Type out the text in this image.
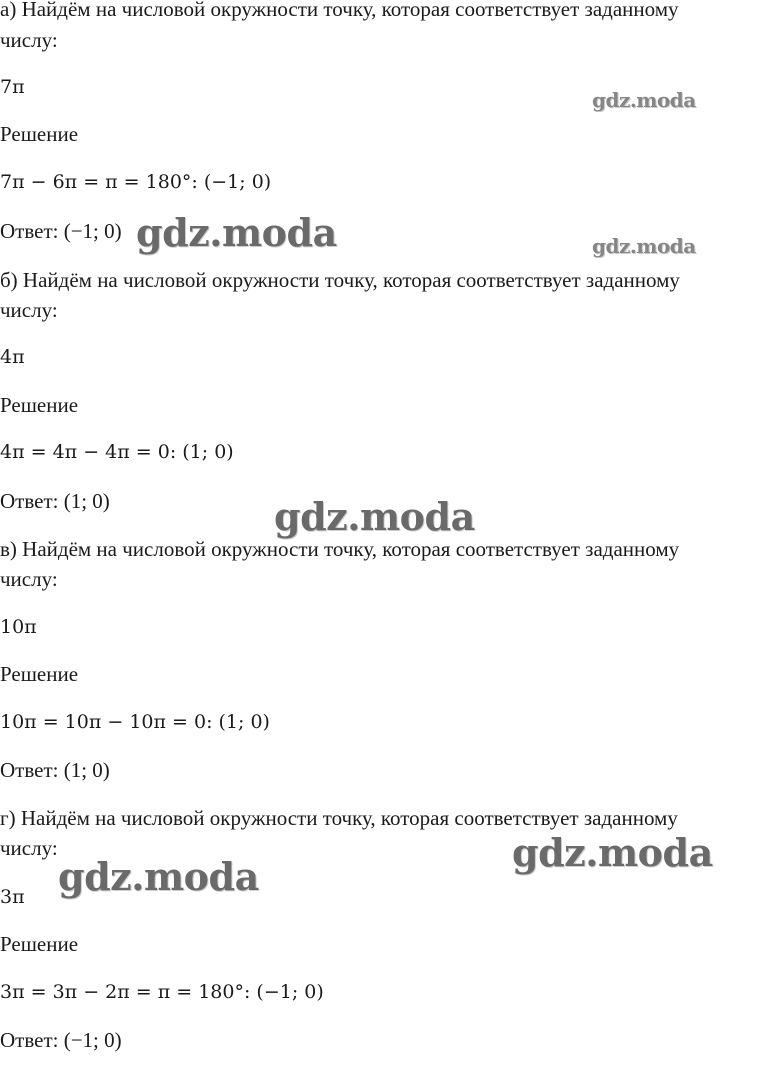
а) Найдём на числовой окружности точку, которая соответствует заданному
числу:
7π
Решение
7π − 6π = π = 180°: (−1; 0)
Ответ: (−1; 0)
б) Найдём на числовой окружности точку, которая соответствует заданному
числу:
4π
Решение
4π = 4π − 4π = 0: (1; 0)
Ответ: (1; 0)
в) Найдём на числовой окружности точку, которая соответствует заданному
числу:
10π
Решение
10π = 10π − 10π = 0: (1; 0)
Ответ: (1; 0)
г) Найдём на числовой окружности точку, которая соответствует заданному
числу:
3π
Решение
3π = 3π − 2π = π = 180°: (−1; 0)
Ответ: (−1; 0)
gdz.moda
gdz.moda	gdz.moda
gdz.moda
gdz.moda
gdz.moda
